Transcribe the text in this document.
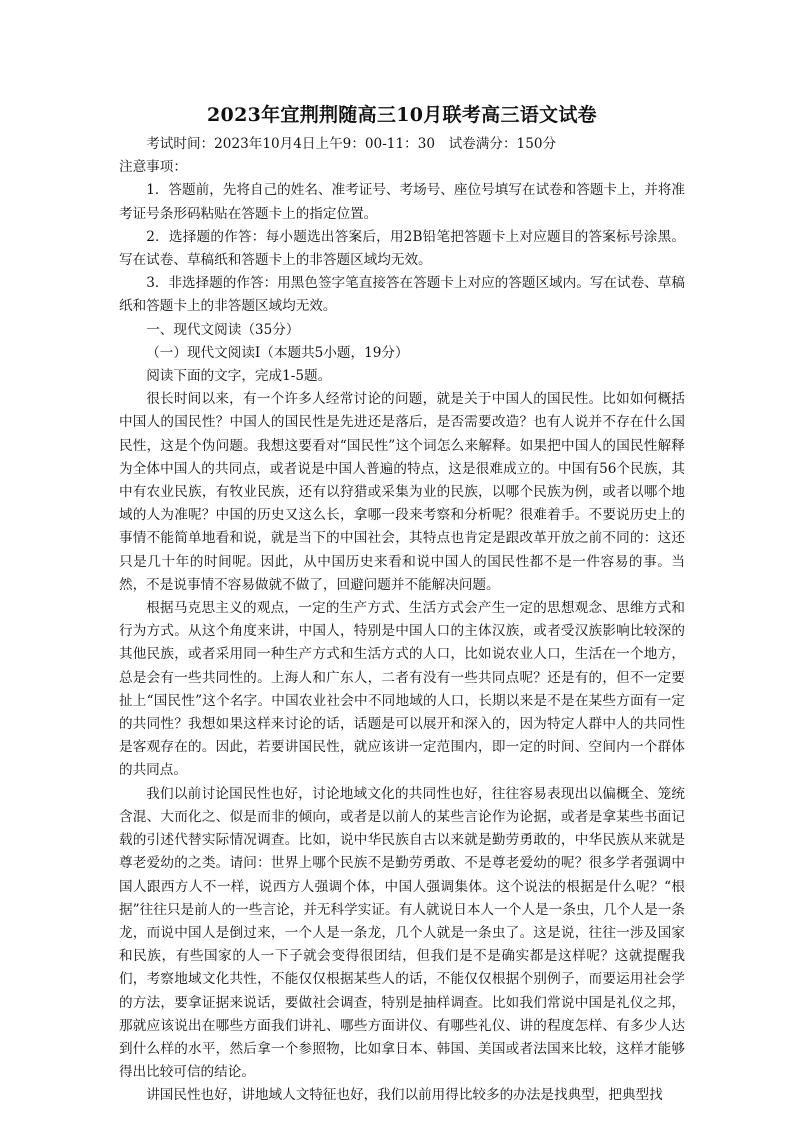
2023年宜荆荆随高三10月联考高三语文试卷

考试时间：2023年10月4日上午9：00-11：30　试卷满分：150分

注意事项：

1．答题前，先将自己的姓名、准考证号、考场号、座位号填写在试卷和答题卡上，并将准考证号条形码粘贴在答题卡上的指定位置。

2．选择题的作答：每小题选出答案后，用2B铅笔把答题卡上对应题目的答案标号涂黑。写在试卷、草稿纸和答题卡上的非答题区域均无效。

3．非选择题的作答：用黑色签字笔直接答在答题卡上对应的答题区域内。写在试卷、草稿纸和答题卡上的非答题区域均无效。

一、现代文阅读（35分）

（一）现代文阅读I（本题共5小题，19分）

阅读下面的文字，完成1-5题。

很长时间以来，有一个许多人经常讨论的问题，就是关于中国人的国民性。比如如何概括中国人的国民性？中国人的国民性是先进还是落后，是否需要改造？也有人说并不存在什么国民性，这是个伪问题。我想这要看对“国民性”这个词怎么来解释。如果把中国人的国民性解释为全体中国人的共同点，或者说是中国人普遍的特点，这是很难成立的。中国有56个民族，其中有农业民族，有牧业民族，还有以狩猎或采集为业的民族，以哪个民族为例，或者以哪个地域的人为准呢？中国的历史又这么长，拿哪一段来考察和分析呢？很难着手。不要说历史上的事情不能简单地看和说，就是当下的中国社会，其特点也肯定是跟改革开放之前不同的：这还只是几十年的时间呢。因此，从中国历史来看和说中国人的国民性都不是一件容易的事。当然，不是说事情不容易做就不做了，回避问题并不能解决问题。

根据马克思主义的观点，一定的生产方式、生活方式会产生一定的思想观念、思维方式和行为方式。从这个角度来讲，中国人，特别是中国人口的主体汉族，或者受汉族影响比较深的其他民族，或者采用同一种生产方式和生活方式的人口，比如说农业人口，生活在一个地方，总是会有一些共同性的。上海人和广东人，二者有没有一些共同点呢？还是有的，但不一定要扯上“国民性”这个名字。中国农业社会中不同地域的人口，长期以来是不是在某些方面有一定的共同性？我想如果这样来讨论的话，话题是可以展开和深入的，因为特定人群中人的共同性是客观存在的。因此，若要讲国民性，就应该讲一定范围内，即一定的时间、空间内一个群体的共同点。

我们以前讨论国民性也好，讨论地域文化的共同性也好，往往容易表现出以偏概全、笼统含混、大而化之、似是而非的倾向，或者是以前人的某些言论作为论据，或者是拿某些书面记载的引述代替实际情况调查。比如，说中华民族自古以来就是勤劳勇敢的，中华民族从来就是尊老爱幼的之类。请问：世界上哪个民族不是勤劳勇敢、不是尊老爱幼的呢？很多学者强调中国人跟西方人不一样，说西方人强调个体，中国人强调集体。这个说法的根据是什么呢？“根据”往往只是前人的一些言论，并无科学实证。有人就说日本人一个人是一条虫，几个人是一条龙，而说中国人是倒过来，一个人是一条龙，几个人就是一条虫了。这是说，往往一涉及国家和民族，有些国家的人一下子就会变得很团结，但我们是不是确实都是这样呢？这就提醒我们，考察地域文化共性，不能仅仅根据某些人的话，不能仅仅根据个别例子，而要运用社会学的方法，要拿证据来说话，要做社会调查，特别是抽样调查。比如我们常说中国是礼仪之邦，那就应该说出在哪些方面我们讲礼、哪些方面讲仪、有哪些礼仪、讲的程度怎样、有多少人达到什么样的水平，然后拿一个参照物，比如拿日本、韩国、美国或者法国来比较，这样才能够得出比较可信的结论。

讲国民性也好，讲地域人文特征也好，我们以前用得比较多的办法是找典型，把典型找
